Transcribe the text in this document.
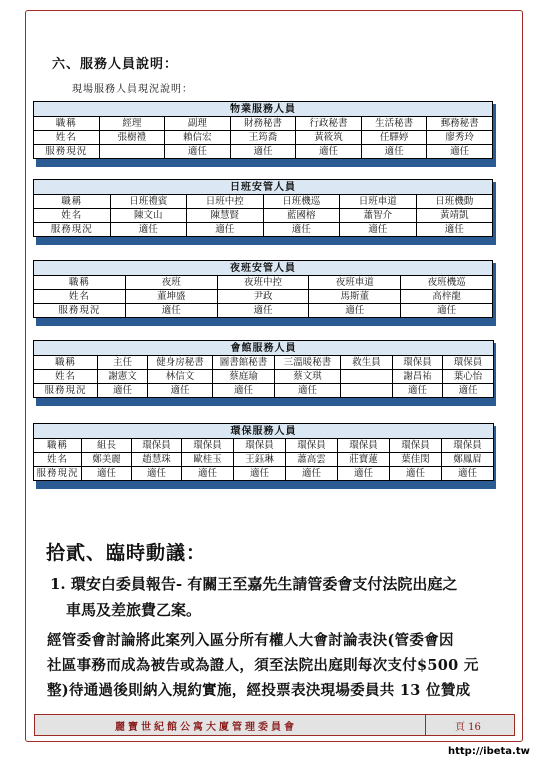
六、服務人員說明：
現場服務人員現況說明：
物業服務人員						
職稱	經理	副理	財務秘書	行政秘書	生活秘書	郵務秘書
姓名	張樹禮	賴信宏	王筠喬	黃筱筑	任驛婷	廖秀玲
服務現況		適任	適任	適任	適任	適任
日班安管人員					
職稱	日班禮賓	日班中控	日班機巡	日班車道	日班機動
姓名	陳文山	陳慧賢	藍國榕	蕭智介	黃靖凱
服務現況	適任	適任	適任	適任	適任
夜班安管人員				
職稱	夜班	夜班中控	夜班車道	夜班機巡
姓名	董坤盛	尹政	馬斯董	高梓龍
服務現況	適任	適任	適任	適任
會館服務人員							
職稱	主任	健身房秘書	圖書館秘書	三溫暖秘書	救生員	環保員	環保員
姓名	謝憲文	林信文	蔡庭瑜	蔡文琪		謝昌祐	葉心怡
服務現況	適任	適任	適任	適任		適任	適任
環保服務人員								
職稱	組長	環保員	環保員	環保員	環保員	環保員	環保員	環保員
姓名	鄭美麗	趙慧珠	歐桂玉	王鈺琳	蕭高雲	莊寶蓮	葉佳閔	鄭鳳眉
服務現況	適任	適任	適任	適任	適任	適任	適任	適任
拾貳、臨時動議：
1. 環安白委員報告- 有關王至嘉先生請管委會支付法院出庭之
車馬及差旅費乙案。
經管委會討論將此案列入區分所有權人大會討論表決(管委會因
社區事務而成為被告或為證人，須至法院出庭則每次支付$500 元
整)待通過後則納入規約實施，經投票表決現場委員共 13 位贊成
麗寶世紀館公寓大廈管理委員會	頁 16
http://ibeta.tw
